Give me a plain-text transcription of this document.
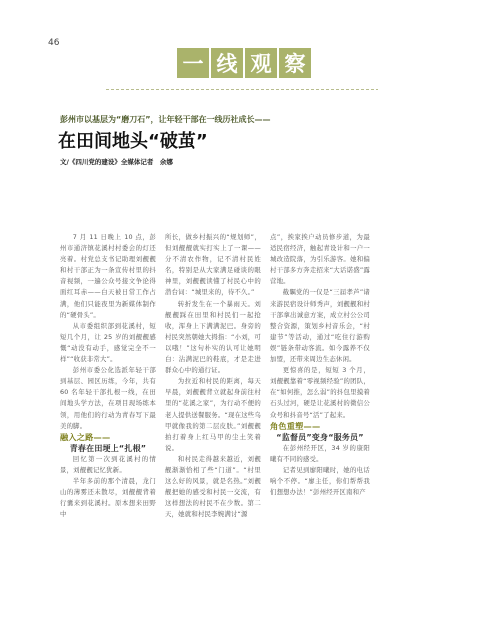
46
一 线 观 察
彭州市以基层为“磨刀石”，让年轻干部在一线历社成长——
在田间地头“破茧”
文/《四川党的建设》全媒体记者　余娜

7 月 11 日晚上 10 点，彭州市通济镇花溪村村委会的灯还亮着。村党总支书记助理刘靓靓和村干部正为一条宣传村里的抖音视频，一遍公众号接文争论得面红耳赤——白天被日常工作占满，他们只能夜里为新媒体制作的“硬骨头”。

从市委组织部到花溪村，短短几个月，让 25 岁的刘靓靓感慨“动没有动手，感觉完全不一样”“收获非常大”。

彭州市委公化选派年轻干部到基层、园区历练，今年，共有 60 名年轻干部扎根一线，在田间地头学方法，在项目现场练本领，用他们的行动为青春写下最美的脚。

融入之路——

青春在田埂上“扎根”

回忆第一次到花溪村的情景，刘靓靓记忆犹新。

半年多前的那个清晨，龙门山的薄雾还未散尽，刘靓靓背着行囊来到花溪村。原本想来田野中

所长，做乡村振兴的“规划师”，但刘靓靓就实打实上了一课——分不清农作物，记不清村民姓名，特别是从大家满足碰谈的眼神里，刘靓靓读懂了村民心中的潜台词：“城里来的，待不久。”

转折发生在一个暴雨天。刘靓靓踩在田里和村民们一起抢收，浑身上下满满泥巴。身旁的村民突然朝她大拇指：“小刘，可以哦！”这句朴实的认可让她明白：沾满泥巴的鞋底，才是走进群众心中的通行证。

为拉近和村民的距离，每天早晨，刘靓靓背立就起身前往村里的“花溪之家”，为行动不便的老人提供送餐服务。“现在这些乌甲就像我的第二层皮肤。”刘靓靓拍打着身上红马甲的尘土笑着说。

和村民走得越来越近，刘靓靓渐渐恰相了些“门道”。“村里这么好的风景，就是名热。”刘靓靓把她的感受和村民一交流，有这样想法的村民不在少数。第二天，她就和村民李婉满讨“源

点”，挨家挨户动员修步道，为最适民宿经济，触起青设计和一户一城改造院落，为引乐游客。她和偏村干部多方奔走招来“大话诺盛”露营地。

截瞩党的一仅是“三届孝芦”诸来游民宿设计师秀声，刘靓靓和村干部拿出诚意方案，成立村公公司整合资源，策划乡村音乐会，“村建节”等活动，通过“吃住行游购娱”链条带动客流。如今露养不仅加盟，还带来周边生态休闲。

更惊喜的是，短短 3 个月，刘靓靓靠着“零视频经验”的团队，在“如何推，怎么弱”的抖包里摸着石头过河，硬是让花溪村的微信公众号和抖音号“活”了起来。

角色重塑——

“监督员”变身“服务员”

在彭州经开区，34 岁的康阳曦有不同的感受。

记者见到廖阳曦时，她的电话响个不停。“廖主任，你们帮帮我们想想办法！”彭州经开区南和产
